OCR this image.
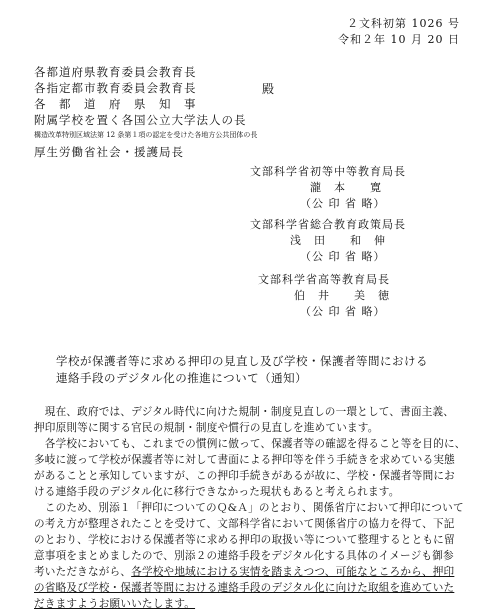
２文科初第 1026 号
令和２年 10 月 20 日
各都道府県教育委員会教育長
各指定都市教育委員会教育長
各　都　道　府　県　知　事
附属学校を置く各国公立大学法人の長
構造改革特別区域法第 12 条第１項の認定を受けた各地方公共団体の長
厚生労働省社会・援護局長
殿
文部科学省初等中等教育局長
瀧　本　　寛
（公 印 省 略）
文部科学省総合教育政策局長
浅　田　　和　伸
（公 印 省 略）
文部科学省高等教育局長
伯　井　　美　徳
（公 印 省 略）
学校が保護者等に求める押印の見直し及び学校・保護者等間における
連絡手段のデジタル化の推進について（通知）
　現在、政府では、デジタル時代に向けた規制・制度見直しの一環として、書面主義、
押印原則等に関する官民の規制・制度や慣行の見直しを進めています。
　各学校においても、これまでの慣例に倣って、保護者等の確認を得ること等を目的に、
多岐に渡って学校が保護者等に対して書面による押印等を伴う手続きを求めている実態
があることと承知していますが、この押印手続きがあるが故に、学校・保護者等間にお
ける連絡手段のデジタル化に移行できなかった現状もあると考えられます。
　このため、別添１「押印についてのＱ&Ａ」のとおり、関係省庁において押印について
の考え方が整理されたことを受けて、文部科学省において関係省庁の協力を得て、下記
のとおり、学校における保護者等に求める押印の取扱い等について整理するとともに留
意事項をまとめましたので、別添２の連絡手段をデジタル化する具体のイメージも御参
考いただきながら、各学校や地域における実情を踏まえつつ、可能なところから、押印
の省略及び学校・保護者等間における連絡手段のデジタル化に向けた取組を進めていた
だきますようお願いいたします。
